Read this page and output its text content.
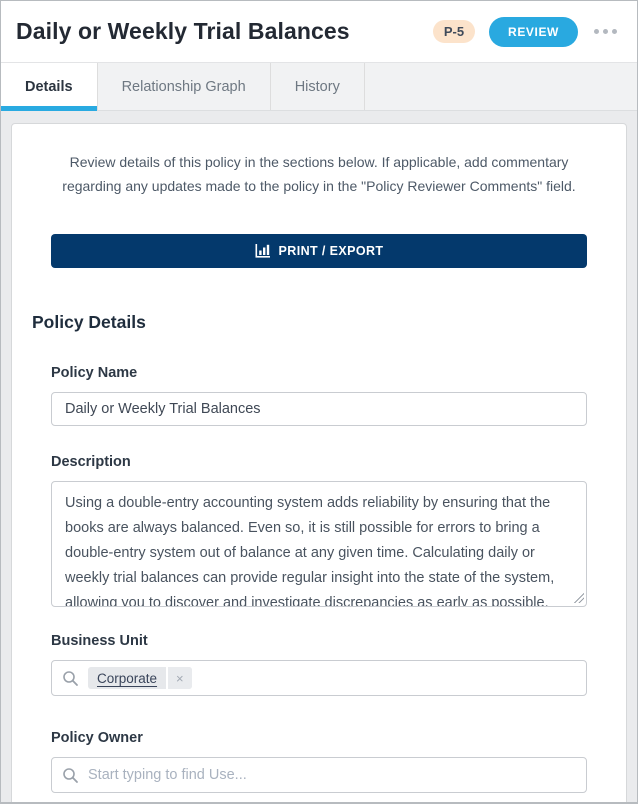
Daily or Weekly Trial Balances	P-5	REVIEW
Details	Relationship Graph	History

Review details of this policy in the sections below. If applicable, add commentary regarding any updates made to the policy in the "Policy Reviewer Comments" field.

PRINT / EXPORT
Policy Details
Policy Name
Daily or Weekly Trial Balances
Description
Using a double-entry accounting system adds reliability by ensuring that the books are always balanced. Even so, it is still possible for errors to bring a double-entry system out of balance at any given time. Calculating daily or weekly trial balances can provide regular insight into the state of the system, allowing you to discover and investigate discrepancies as early as possible.
Business Unit
Corporate	×
Policy Owner
Start typing to find Use...
